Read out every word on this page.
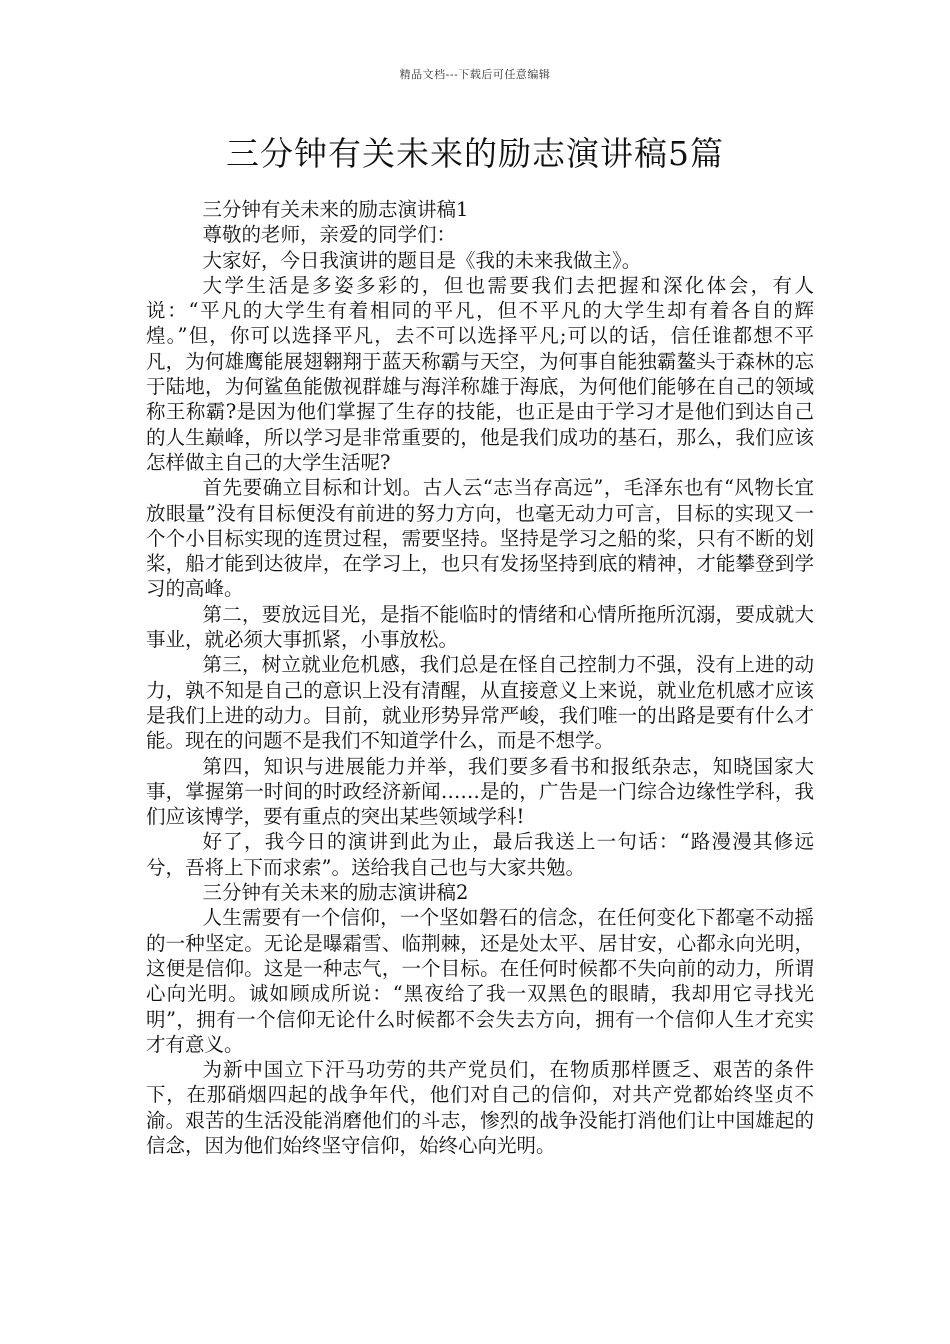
精品文档---下载后可任意编辑
三分钟有关未来的励志演讲稿5篇

三分钟有关未来的励志演讲稿1

尊敬的老师，亲爱的同学们：

大家好，今日我演讲的题目是《我的未来我做主》。

大学生活是多姿多彩的，但也需要我们去把握和深化体会，有人说：“平凡的大学生有着相同的平凡，但不平凡的大学生却有着各自的辉煌。”但，你可以选择平凡，去不可以选择平凡;可以的话，信任谁都想不平凡，为何雄鹰能展翅翱翔于蓝天称霸与天空，为何事自能独霸鳌头于森林的忘于陆地，为何鲨鱼能傲视群雄与海洋称雄于海底，为何他们能够在自己的领域称王称霸?是因为他们掌握了生存的技能，也正是由于学习才是他们到达自己的人生巅峰，所以学习是非常重要的，他是我们成功的基石，那么，我们应该怎样做主自己的大学生活呢?

首先要确立目标和计划。古人云“志当存高远”，毛泽东也有“风物长宜放眼量”没有目标便没有前进的努力方向，也毫无动力可言，目标的实现又一个个小目标实现的连贯过程，需要坚持。坚持是学习之船的桨，只有不断的划桨，船才能到达彼岸，在学习上，也只有发扬坚持到底的精神，才能攀登到学习的高峰。

第二，要放远目光，是指不能临时的情绪和心情所拖所沉溺，要成就大事业，就必须大事抓紧，小事放松。

第三，树立就业危机感，我们总是在怪自己控制力不强，没有上进的动力，孰不知是自己的意识上没有清醒，从直接意义上来说，就业危机感才应该是我们上进的动力。目前，就业形势异常严峻，我们唯一的出路是要有什么才能。现在的问题不是我们不知道学什么，而是不想学。

第四，知识与进展能力并举，我们要多看书和报纸杂志，知晓国家大事，掌握第一时间的时政经济新闻……是的，广告是一门综合边缘性学科，我们应该博学，要有重点的突出某些领域学科!

好了，我今日的演讲到此为止，最后我送上一句话：“路漫漫其修远兮，吾将上下而求索”。送给我自己也与大家共勉。

三分钟有关未来的励志演讲稿2

人生需要有一个信仰，一个坚如磐石的信念，在任何变化下都毫不动摇的一种坚定。无论是曝霜雪、临荆棘，还是处太平、居甘安，心都永向光明，这便是信仰。这是一种志气，一个目标。在任何时候都不失向前的动力，所谓心向光明。诚如顾成所说：“黑夜给了我一双黑色的眼睛，我却用它寻找光明”，拥有一个信仰无论什么时候都不会失去方向，拥有一个信仰人生才充实才有意义。

为新中国立下汗马功劳的共产党员们，在物质那样匮乏、艰苦的条件下，在那硝烟四起的战争年代，他们对自己的信仰，对共产党都始终坚贞不渝。艰苦的生活没能消磨他们的斗志，惨烈的战争没能打消他们让中国雄起的信念，因为他们始终坚守信仰，始终心向光明。
